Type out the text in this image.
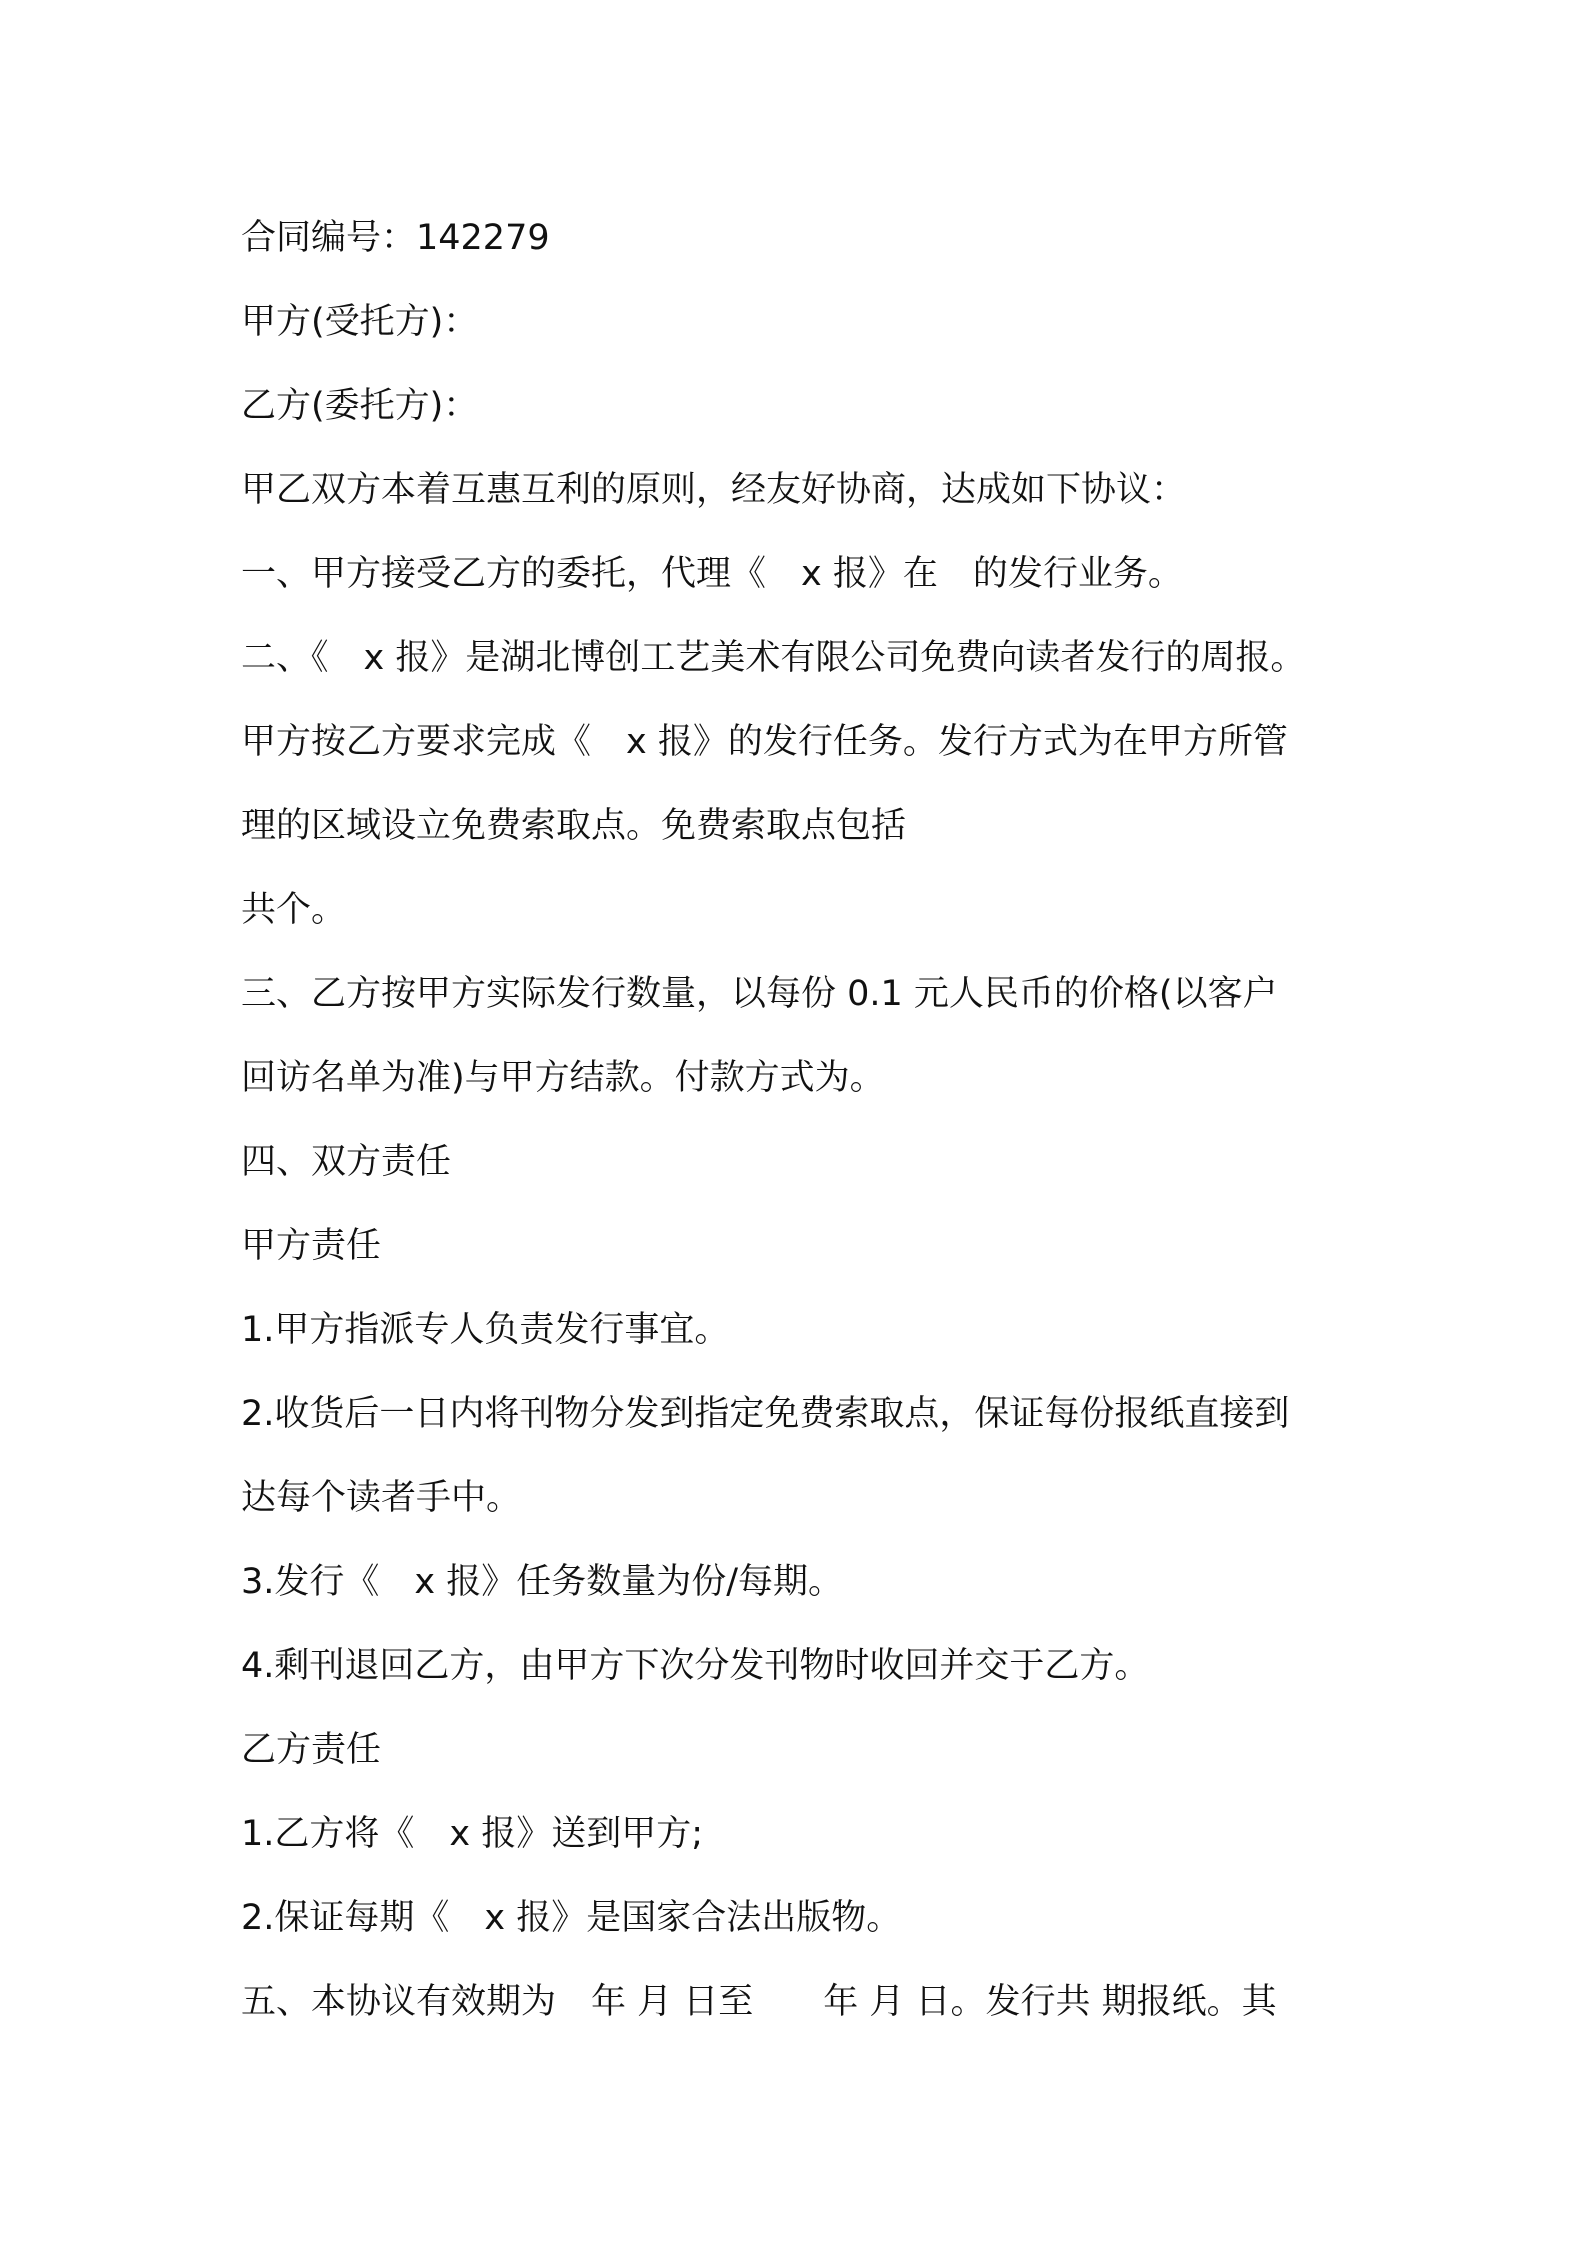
合同编号：142279

甲方(受托方)：

乙方(委托方)：

甲乙双方本着互惠互利的原则，经友好协商，达成如下协议：

一、甲方接受乙方的委托，代理《　x 报》在　的发行业务。

二、《　x 报》是湖北博创工艺美术有限公司免费向读者发行的周报。

甲方按乙方要求完成《　x 报》的发行任务。发行方式为在甲方所管

理的区域设立免费索取点。免费索取点包括

共个。

三、乙方按甲方实际发行数量，以每份 0.1 元人民币的价格(以客户

回访名单为准)与甲方结款。付款方式为。

四、双方责任

甲方责任

1.甲方指派专人负责发行事宜。

2.收货后一日内将刊物分发到指定免费索取点，保证每份报纸直接到

达每个读者手中。

3.发行《　x 报》任务数量为份/每期。

4.剩刊退回乙方，由甲方下次分发刊物时收回并交于乙方。

乙方责任

1.乙方将《　x 报》送到甲方;

2.保证每期《　x 报》是国家合法出版物。

五、本协议有效期为　年 月 日至　　年 月 日。发行共 期报纸。其
